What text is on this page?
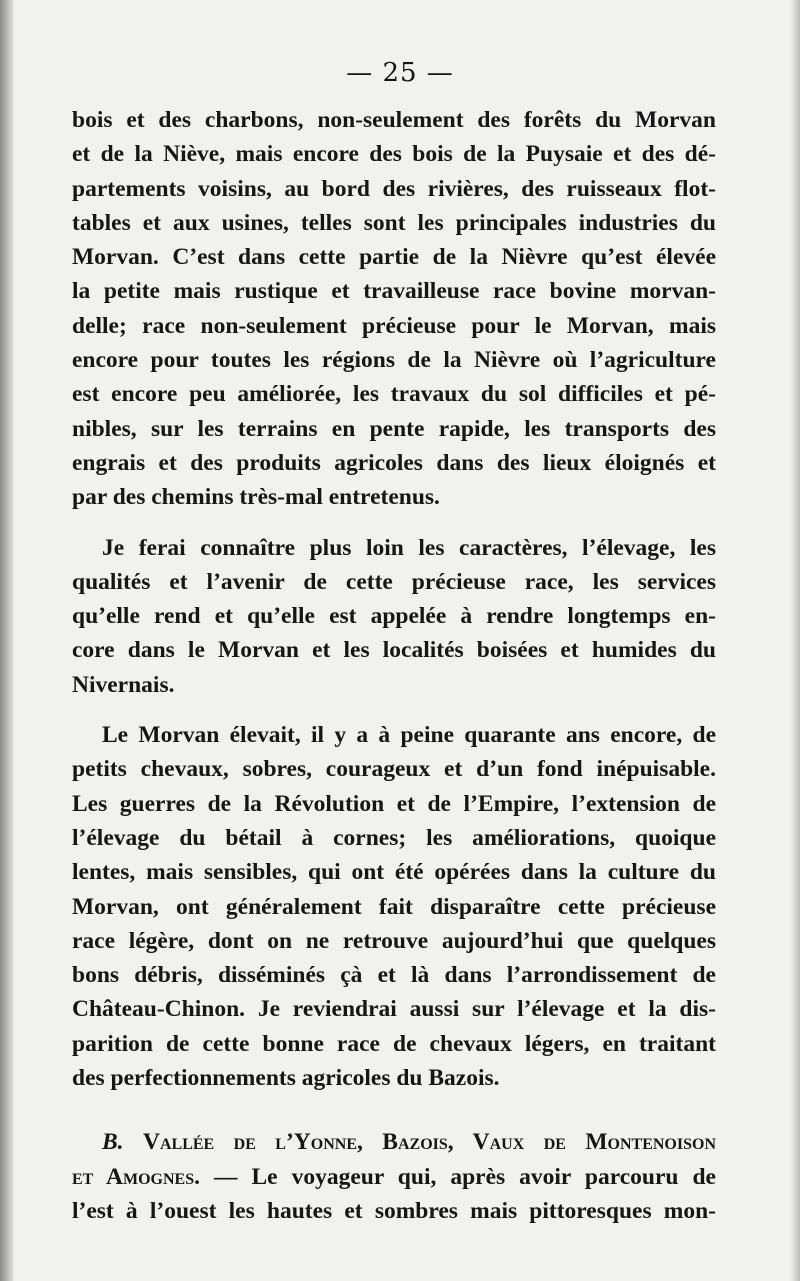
— 25 —
bois et des charbons, non-seulement des forêts du Morvan
et de la Niève, mais encore des bois de la Puysaie et des dé-
partements voisins, au bord des rivières, des ruisseaux flot-
tables et aux usines, telles sont les principales industries du
Morvan. C’est dans cette partie de la Nièvre qu’est élevée
la petite mais rustique et travailleuse race bovine morvan-
delle; race non-seulement précieuse pour le Morvan, mais
encore pour toutes les régions de la Nièvre où l’agriculture
est encore peu améliorée, les travaux du sol difficiles et pé-
nibles, sur les terrains en pente rapide, les transports des
engrais et des produits agricoles dans des lieux éloignés et
par des chemins très-mal entretenus.
Je ferai connaître plus loin les caractères, l’élevage, les
qualités et l’avenir de cette précieuse race, les services
qu’elle rend et qu’elle est appelée à rendre longtemps en-
core dans le Morvan et les localités boisées et humides du
Nivernais.
Le Morvan élevait, il y a à peine quarante ans encore, de
petits chevaux, sobres, courageux et d’un fond inépuisable.
Les guerres de la Révolution et de l’Empire, l’extension de
l’élevage du bétail à cornes; les améliorations, quoique
lentes, mais sensibles, qui ont été opérées dans la culture du
Morvan, ont généralement fait disparaître cette précieuse
race légère, dont on ne retrouve aujourd’hui que quelques
bons débris, disséminés çà et là dans l’arrondissement de
Château-Chinon. Je reviendrai aussi sur l’élevage et la dis-
parition de cette bonne race de chevaux légers, en traitant
des perfectionnements agricoles du Bazois.
B. Vallée de l’Yonne, Bazois, Vaux de Montenoison
et Amognes. — Le voyageur qui, après avoir parcouru de
l’est à l’ouest les hautes et sombres mais pittoresques mon-
